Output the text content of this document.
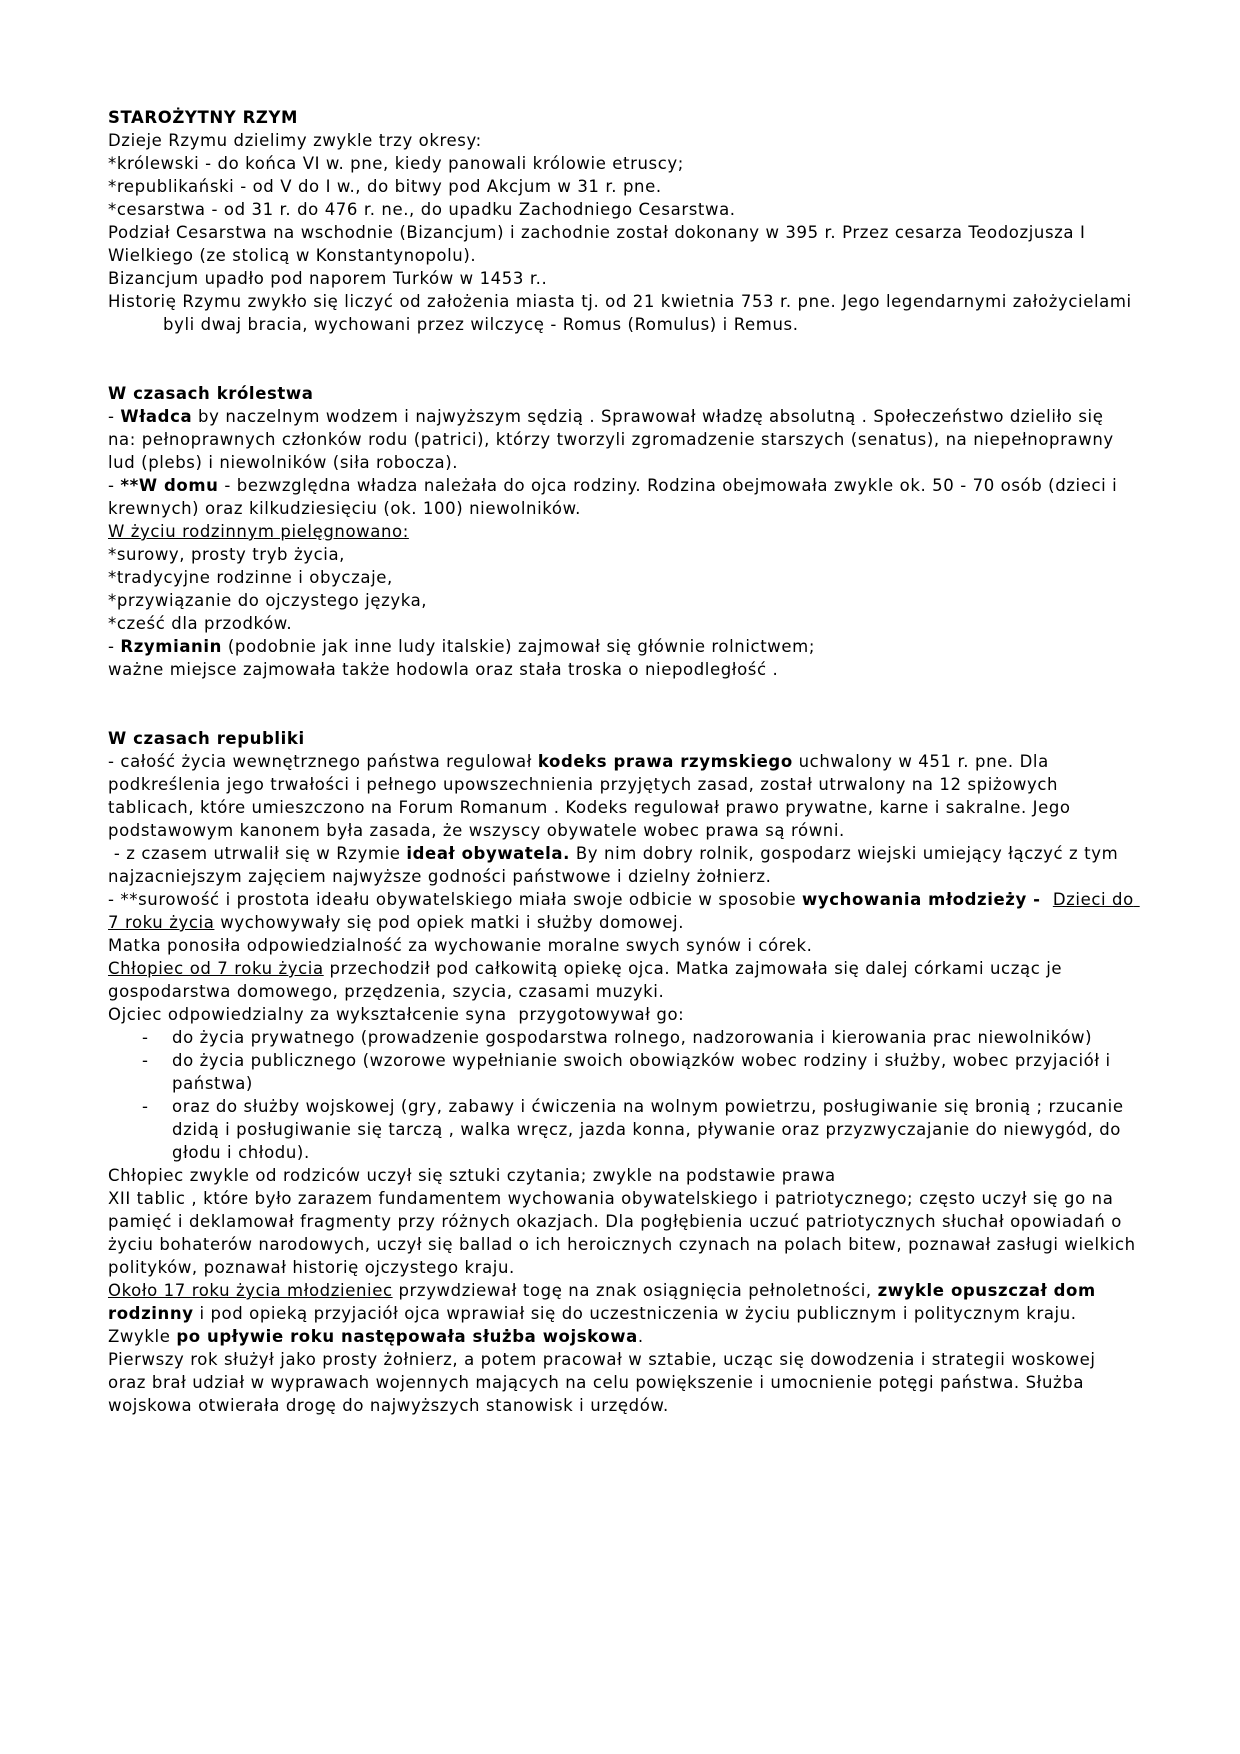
STAROŻYTNY RZYM
Dzieje Rzymu dzielimy zwykle trzy okresy:
*królewski - do końca VI w. pne, kiedy panowali królowie etruscy;
*republikański - od V do I w., do bitwy pod Akcjum w 31 r. pne.
*cesarstwa - od 31 r. do 476 r. ne., do upadku Zachodniego Cesarstwa.
Podział Cesarstwa na wschodnie (Bizancjum) i zachodnie został dokonany w 395 r. Przez cesarza Teodozjusza I Wielkiego (ze stolicą w Konstantynopolu).
Bizancjum upadło pod naporem Turków w 1453 r..
Historię Rzymu zwykło się liczyć od założenia miasta tj. od 21 kwietnia 753 r. pne. Jego legendarnymi założycielami byli dwaj bracia, wychowani przez wilczycę - Romus (Romulus) i Remus.
W czasach królestwa
- Władca by naczelnym wodzem i najwyższym sędzią . Sprawował władzę absolutną . Społeczeństwo dzieliło się na: pełnoprawnych członków rodu (patrici), którzy tworzyli zgromadzenie starszych (senatus), na niepełnoprawny lud (plebs) i niewolników (siła robocza).
- **W domu - bezwzględna władza należała do ojca rodziny. Rodzina obejmowała zwykle ok. 50 - 70 osób (dzieci i krewnych) oraz kilkudziesięciu (ok. 100) niewolników.
W życiu rodzinnym pielęgnowano:
*surowy, prosty tryb życia,
*tradycyjne rodzinne i obyczaje,
*przywiązanie do ojczystego języka,
*cześć dla przodków.
- Rzymianin (podobnie jak inne ludy italskie) zajmował się głównie rolnictwem;
ważne miejsce zajmowała także hodowla oraz stała troska o niepodległość .
W czasach republiki
- całość życia wewnętrznego państwa regulował kodeks prawa rzymskiego uchwalony w 451 r. pne. Dla podkreślenia jego trwałości i pełnego upowszechnienia przyjętych zasad, został utrwalony na 12 spiżowych tablicach, które umieszczono na Forum Romanum . Kodeks regulował prawo prywatne, karne i sakralne. Jego podstawowym kanonem była zasada, że wszyscy obywatele wobec prawa są równi.
- z czasem utrwalił się w Rzymie ideał obywatela. By nim dobry rolnik, gospodarz wiejski umiejący łączyć z tym najzacniejszym zajęciem najwyższe godności państwowe i dzielny żołnierz.
- **surowość i prostota ideału obywatelskiego miała swoje odbicie w sposobie wychowania młodzieży -  Dzieci do 7 roku życia wychowywały się pod opiek matki i służby domowej.
Matka ponosiła odpowiedzialność za wychowanie moralne swych synów i córek.
Chłopiec od 7 roku życia przechodził pod całkowitą opiekę ojca. Matka zajmowała się dalej córkami ucząc je gospodarstwa domowego, przędzenia, szycia, czasami muzyki.
Ojciec odpowiedzialny za wykształcenie syna  przygotowywał go:
- do życia prywatnego (prowadzenie gospodarstwa rolnego, nadzorowania i kierowania prac niewolników)
- do życia publicznego (wzorowe wypełnianie swoich obowiązków wobec rodziny i służby, wobec przyjaciół i państwa)
- oraz do służby wojskowej (gry, zabawy i ćwiczenia na wolnym powietrzu, posługiwanie się bronią ; rzucanie dzidą i posługiwanie się tarczą , walka wręcz, jazda konna, pływanie oraz przyzwyczajanie do niewygód, do głodu i chłodu).
Chłopiec zwykle od rodziców uczył się sztuki czytania; zwykle na podstawie prawa
XII tablic , które było zarazem fundamentem wychowania obywatelskiego i patriotycznego; często uczył się go na pamięć i deklamował fragmenty przy różnych okazjach. Dla pogłębienia uczuć patriotycznych słuchał opowiadań o życiu bohaterów narodowych, uczył się ballad o ich heroicznych czynach na polach bitew, poznawał zasługi wielkich polityków, poznawał historię ojczystego kraju.
Około 17 roku życia młodzieniec przywdziewał togę na znak osiągnięcia pełnoletności, zwykle opuszczał dom rodzinny i pod opieką przyjaciół ojca wprawiał się do uczestniczenia w życiu publicznym i politycznym kraju.
Zwykle po upływie roku następowała służba wojskowa.
Pierwszy rok służył jako prosty żołnierz, a potem pracował w sztabie, ucząc się dowodzenia i strategii woskowej oraz brał udział w wyprawach wojennych mających na celu powiększenie i umocnienie potęgi państwa. Służba wojskowa otwierała drogę do najwyższych stanowisk i urzędów.
